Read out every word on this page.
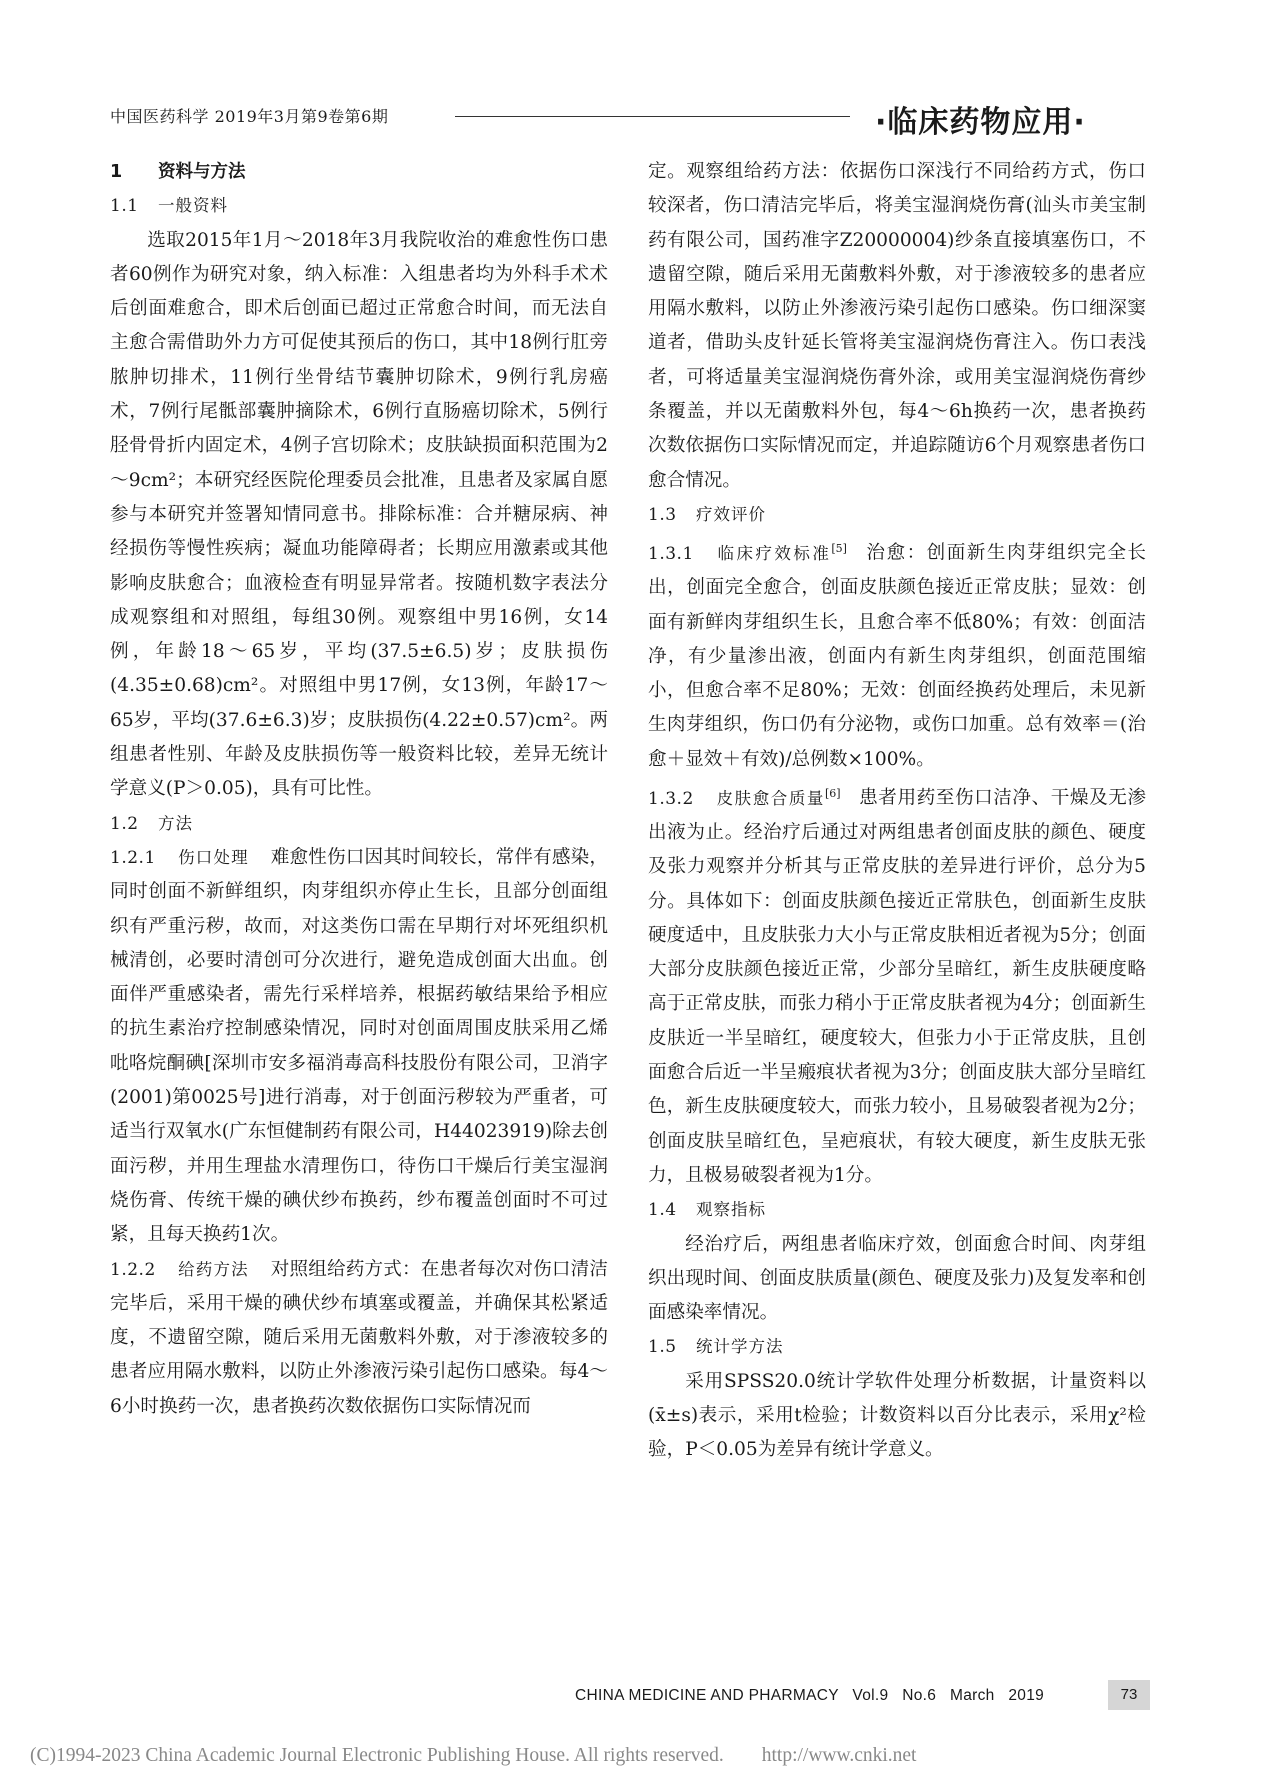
中国医药科学 2019年3月第9卷第6期	·临床药物应用·

1 资料与方法

1.1 一般资料

选取2015年1月～2018年3月我院收治的难愈性伤口患者60例作为研究对象，纳入标准：入组患者均为外科手术术后创面难愈合，即术后创面已超过正常愈合时间，而无法自主愈合需借助外力方可促使其预后的伤口，其中18例行肛旁脓肿切排术，11例行坐骨结节囊肿切除术，9例行乳房癌术，7例行尾骶部囊肿摘除术，6例行直肠癌切除术，5例行胫骨骨折内固定术，4例子宫切除术；皮肤缺损面积范围为2～9cm²；本研究经医院伦理委员会批准，且患者及家属自愿参与本研究并签署知情同意书。排除标准：合并糖尿病、神经损伤等慢性疾病；凝血功能障碍者；长期应用激素或其他影响皮肤愈合；血液检查有明显异常者。按随机数字表法分成观察组和对照组，每组30例。观察组中男16例，女14例，年龄18～65岁，平均(37.5±6.5)岁；皮肤损伤(4.35±0.68)cm²。对照组中男17例，女13例，年龄17～65岁，平均(37.6±6.3)岁；皮肤损伤(4.22±0.57)cm²。两组患者性别、年龄及皮肤损伤等一般资料比较，差异无统计学意义(P＞0.05)，具有可比性。

1.2 方法

1.2.1 伤口处理 难愈性伤口因其时间较长，常伴有感染，同时创面不新鲜组织，肉芽组织亦停止生长，且部分创面组织有严重污秽，故而，对这类伤口需在早期行对坏死组织机械清创，必要时清创可分次进行，避免造成创面大出血。创面伴严重感染者，需先行采样培养，根据药敏结果给予相应的抗生素治疗控制感染情况，同时对创面周围皮肤采用乙烯吡咯烷酮碘[深圳市安多福消毒高科技股份有限公司，卫消字(2001)第0025号]进行消毒，对于创面污秽较为严重者，可适当行双氧水(广东恒健制药有限公司，H44023919)除去创面污秽，并用生理盐水清理伤口，待伤口干燥后行美宝湿润烧伤膏、传统干燥的碘伏纱布换药，纱布覆盖创面时不可过紧，且每天换药1次。

1.2.2 给药方法 对照组给药方式：在患者每次对伤口清洁完毕后，采用干燥的碘伏纱布填塞或覆盖，并确保其松紧适度，不遗留空隙，随后采用无菌敷料外敷，对于渗液较多的患者应用隔水敷料，以防止外渗液污染引起伤口感染。每4～6小时换药一次，患者换药次数依据伤口实际情况而

定。观察组给药方法：依据伤口深浅行不同给药方式，伤口较深者，伤口清洁完毕后，将美宝湿润烧伤膏(汕头市美宝制药有限公司，国药准字Z20000004)纱条直接填塞伤口，不遗留空隙，随后采用无菌敷料外敷，对于渗液较多的患者应用隔水敷料，以防止外渗液污染引起伤口感染。伤口细深窦道者，借助头皮针延长管将美宝湿润烧伤膏注入。伤口表浅者，可将适量美宝湿润烧伤膏外涂，或用美宝湿润烧伤膏纱条覆盖，并以无菌敷料外包，每4～6h换药一次，患者换药次数依据伤口实际情况而定，并追踪随访6个月观察患者伤口愈合情况。

1.3 疗效评价

1.3.1 临床疗效标准[5] 治愈：创面新生肉芽组织完全长出，创面完全愈合，创面皮肤颜色接近正常皮肤；显效：创面有新鲜肉芽组织生长，且愈合率不低80%；有效：创面洁净，有少量渗出液，创面内有新生肉芽组织，创面范围缩小，但愈合率不足80%；无效：创面经换药处理后，未见新生肉芽组织，伤口仍有分泌物，或伤口加重。总有效率＝(治愈＋显效＋有效)/总例数×100%。

1.3.2 皮肤愈合质量[6] 患者用药至伤口洁净、干燥及无渗出液为止。经治疗后通过对两组患者创面皮肤的颜色、硬度及张力观察并分析其与正常皮肤的差异进行评价，总分为5分。具体如下：创面皮肤颜色接近正常肤色，创面新生皮肤硬度适中，且皮肤张力大小与正常皮肤相近者视为5分；创面大部分皮肤颜色接近正常，少部分呈暗红，新生皮肤硬度略高于正常皮肤，而张力稍小于正常皮肤者视为4分；创面新生皮肤近一半呈暗红，硬度较大，但张力小于正常皮肤，且创面愈合后近一半呈瘢痕状者视为3分；创面皮肤大部分呈暗红色，新生皮肤硬度较大，而张力较小，且易破裂者视为2分；创面皮肤呈暗红色，呈疤痕状，有较大硬度，新生皮肤无张力，且极易破裂者视为1分。

1.4 观察指标

经治疗后，两组患者临床疗效，创面愈合时间、肉芽组织出现时间、创面皮肤质量(颜色、硬度及张力)及复发率和创面感染率情况。

1.5 统计学方法

采用SPSS20.0统计学软件处理分析数据，计量资料以(x̄±s)表示，采用t检验；计数资料以百分比表示，采用χ²检验，P＜0.05为差异有统计学意义。

CHINA MEDICINE AND PHARMACY   Vol.9   No.6   March   2019	73
(C)1994-2023 China Academic Journal Electronic Publishing House. All rights reserved. http://www.cnki.net
